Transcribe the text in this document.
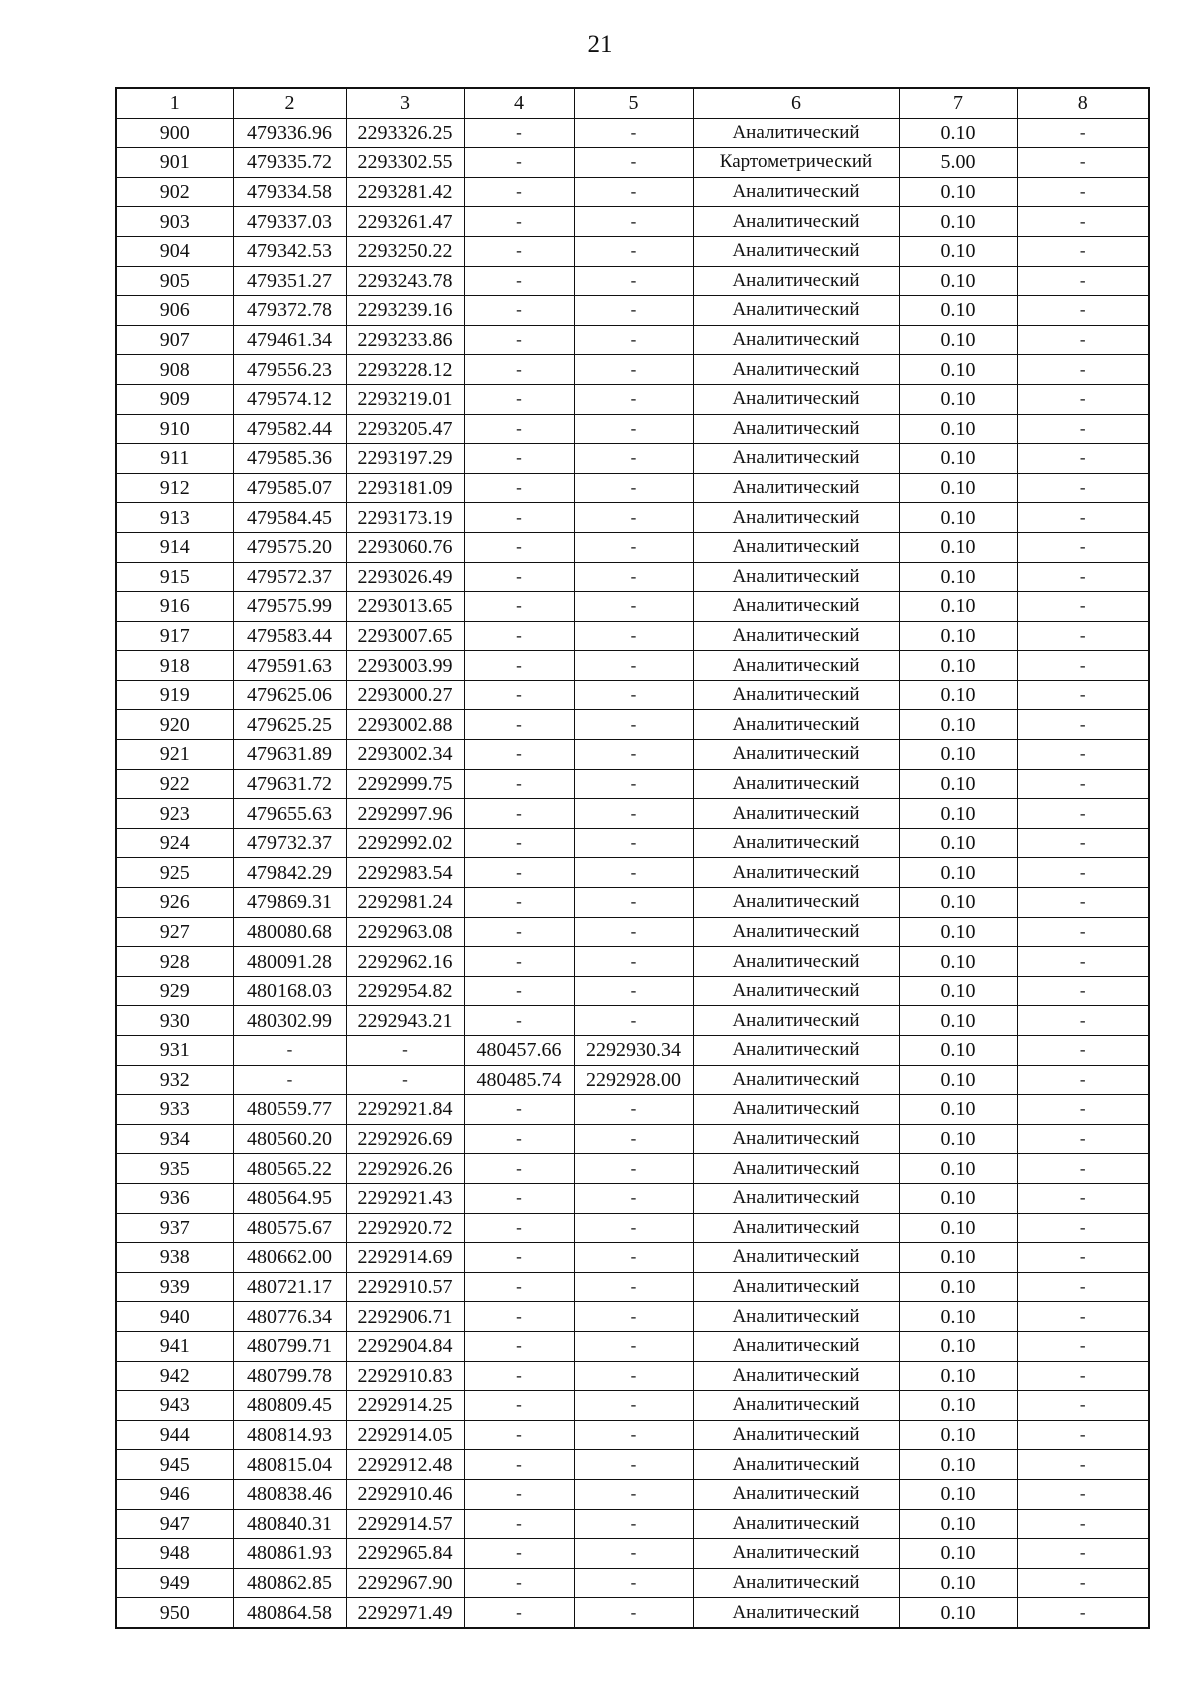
21
1	2	3	4	5	6	7	8
900	479336.96	2293326.25	-	-	Аналитический	0.10	-
901	479335.72	2293302.55	-	-	Картометрический	5.00	-
902	479334.58	2293281.42	-	-	Аналитический	0.10	-
903	479337.03	2293261.47	-	-	Аналитический	0.10	-
904	479342.53	2293250.22	-	-	Аналитический	0.10	-
905	479351.27	2293243.78	-	-	Аналитический	0.10	-
906	479372.78	2293239.16	-	-	Аналитический	0.10	-
907	479461.34	2293233.86	-	-	Аналитический	0.10	-
908	479556.23	2293228.12	-	-	Аналитический	0.10	-
909	479574.12	2293219.01	-	-	Аналитический	0.10	-
910	479582.44	2293205.47	-	-	Аналитический	0.10	-
911	479585.36	2293197.29	-	-	Аналитический	0.10	-
912	479585.07	2293181.09	-	-	Аналитический	0.10	-
913	479584.45	2293173.19	-	-	Аналитический	0.10	-
914	479575.20	2293060.76	-	-	Аналитический	0.10	-
915	479572.37	2293026.49	-	-	Аналитический	0.10	-
916	479575.99	2293013.65	-	-	Аналитический	0.10	-
917	479583.44	2293007.65	-	-	Аналитический	0.10	-
918	479591.63	2293003.99	-	-	Аналитический	0.10	-
919	479625.06	2293000.27	-	-	Аналитический	0.10	-
920	479625.25	2293002.88	-	-	Аналитический	0.10	-
921	479631.89	2293002.34	-	-	Аналитический	0.10	-
922	479631.72	2292999.75	-	-	Аналитический	0.10	-
923	479655.63	2292997.96	-	-	Аналитический	0.10	-
924	479732.37	2292992.02	-	-	Аналитический	0.10	-
925	479842.29	2292983.54	-	-	Аналитический	0.10	-
926	479869.31	2292981.24	-	-	Аналитический	0.10	-
927	480080.68	2292963.08	-	-	Аналитический	0.10	-
928	480091.28	2292962.16	-	-	Аналитический	0.10	-
929	480168.03	2292954.82	-	-	Аналитический	0.10	-
930	480302.99	2292943.21	-	-	Аналитический	0.10	-
931	-	-	480457.66	2292930.34	Аналитический	0.10	-
932	-	-	480485.74	2292928.00	Аналитический	0.10	-
933	480559.77	2292921.84	-	-	Аналитический	0.10	-
934	480560.20	2292926.69	-	-	Аналитический	0.10	-
935	480565.22	2292926.26	-	-	Аналитический	0.10	-
936	480564.95	2292921.43	-	-	Аналитический	0.10	-
937	480575.67	2292920.72	-	-	Аналитический	0.10	-
938	480662.00	2292914.69	-	-	Аналитический	0.10	-
939	480721.17	2292910.57	-	-	Аналитический	0.10	-
940	480776.34	2292906.71	-	-	Аналитический	0.10	-
941	480799.71	2292904.84	-	-	Аналитический	0.10	-
942	480799.78	2292910.83	-	-	Аналитический	0.10	-
943	480809.45	2292914.25	-	-	Аналитический	0.10	-
944	480814.93	2292914.05	-	-	Аналитический	0.10	-
945	480815.04	2292912.48	-	-	Аналитический	0.10	-
946	480838.46	2292910.46	-	-	Аналитический	0.10	-
947	480840.31	2292914.57	-	-	Аналитический	0.10	-
948	480861.93	2292965.84	-	-	Аналитический	0.10	-
949	480862.85	2292967.90	-	-	Аналитический	0.10	-
950	480864.58	2292971.49	-	-	Аналитический	0.10	-
